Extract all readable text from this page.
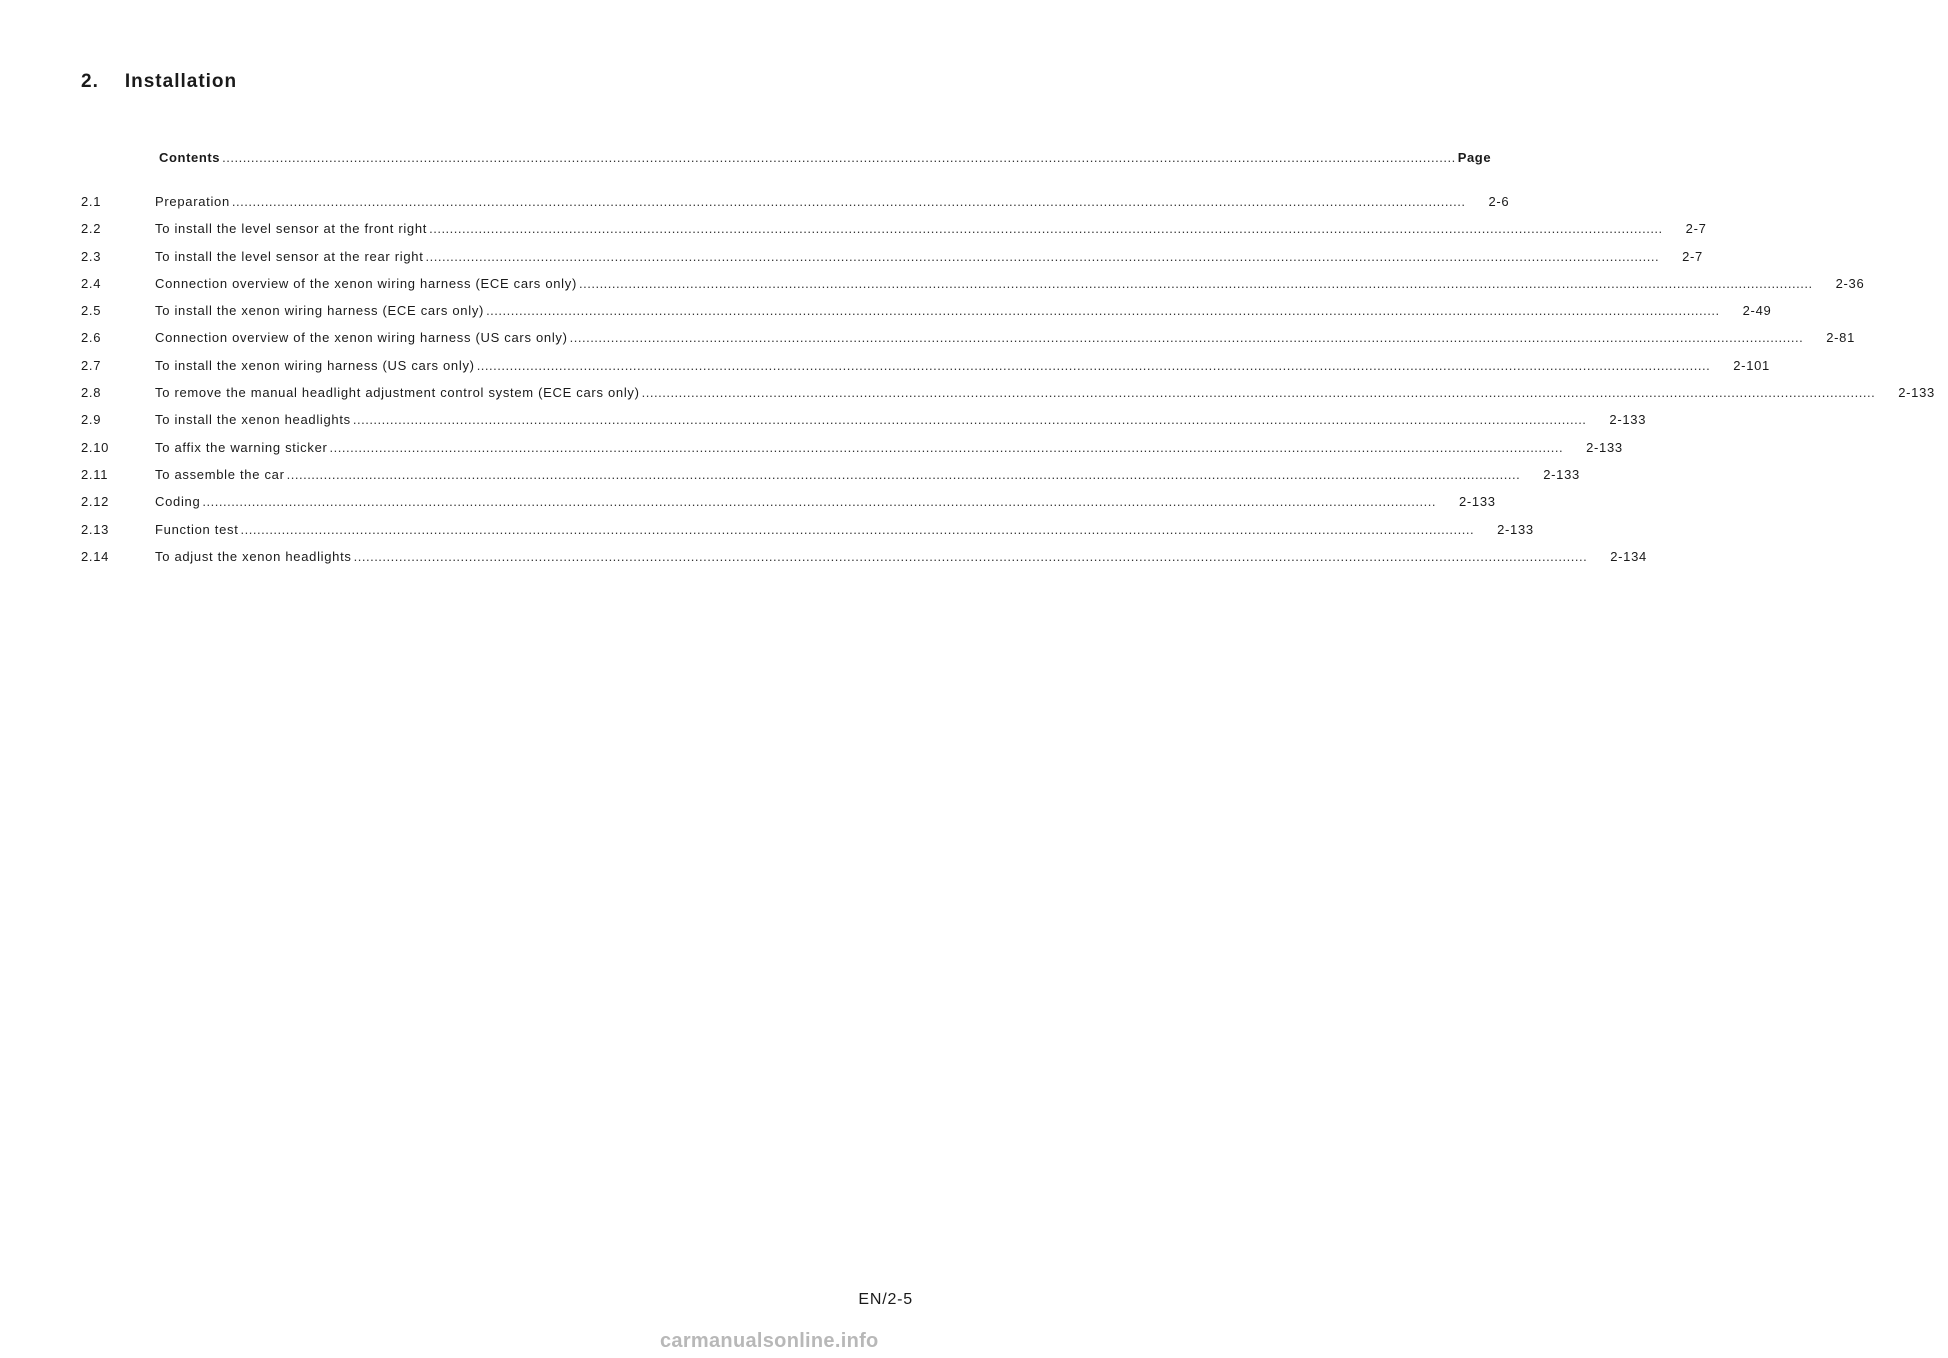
2. Installation
Contents ............................................................................................................................................................................................................................................................................................................ Page
2.1	Preparation ............................................................................................................................................................................................................................................................................................................ 2-6
2.2	To install the level sensor at the front right ............................................................................................................................................................................................................................................................................................................ 2-7
2.3	To install the level sensor at the rear right ............................................................................................................................................................................................................................................................................................................ 2-7
2.4	Connection overview of the xenon wiring harness (ECE cars only) ............................................................................................................................................................................................................................................................................................................ 2-36
2.5	To install the xenon wiring harness (ECE cars only) ............................................................................................................................................................................................................................................................................................................ 2-49
2.6	Connection overview of the xenon wiring harness (US cars only) ............................................................................................................................................................................................................................................................................................................ 2-81
2.7	To install the xenon wiring harness (US cars only) ............................................................................................................................................................................................................................................................................................................ 2-101
2.8	To remove the manual headlight adjustment control system (ECE cars only) ............................................................................................................................................................................................................................................................................................................ 2-133
2.9	To install the xenon headlights ............................................................................................................................................................................................................................................................................................................ 2-133
2.10	To affix the warning sticker ............................................................................................................................................................................................................................................................................................................ 2-133
2.11	To assemble the car ............................................................................................................................................................................................................................................................................................................ 2-133
2.12	Coding ............................................................................................................................................................................................................................................................................................................ 2-133
2.13	Function test ............................................................................................................................................................................................................................................................................................................ 2-133
2.14	To adjust the xenon headlights ............................................................................................................................................................................................................................................................................................................ 2-134
EN/2-5
carmanualsonline.info
